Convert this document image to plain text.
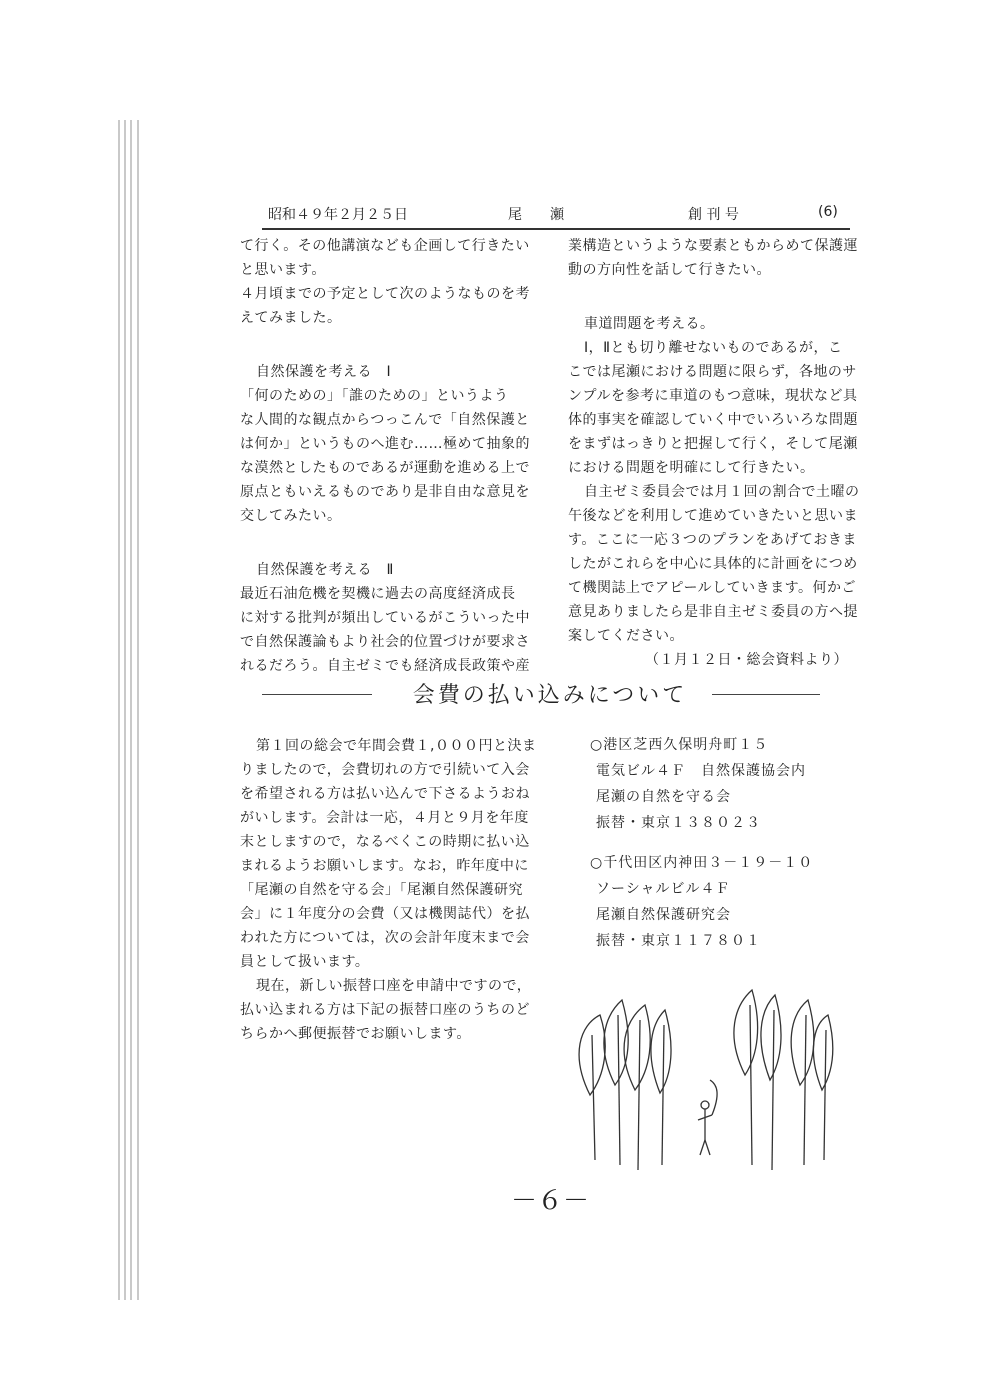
昭和４９年２月２５日	尾　　瀬	創 刊 号	(6)

て行く。その他講演なども企画して行きたい

と思います。

４月頃までの予定として次のようなものを考

えてみました。

自然保護を考える　Ⅰ

「何のための」「誰のための」というよう

な人間的な観点からつっこんで「自然保護と

は何か」というものへ進む……極めて抽象的

な漠然としたものであるが運動を進める上で

原点ともいえるものであり是非自由な意見を

交してみたい。

自然保護を考える　Ⅱ

最近石油危機を契機に過去の高度経済成長

に対する批判が頻出しているがこういった中

で自然保護論もより社会的位置づけが要求さ

れるだろう。自主ゼミでも経済成長政策や産

業構造というような要素ともからめて保護運

動の方向性を話して行きたい。

車道問題を考える。

Ⅰ，Ⅱとも切り離せないものであるが，こ

こでは尾瀬における問題に限らず，各地のサ

ンプルを参考に車道のもつ意味，現状など具

体的事実を確認していく中でいろいろな問題

をまずはっきりと把握して行く，そして尾瀬

における問題を明確にして行きたい。

自主ゼミ委員会では月１回の割合で土曜の

午後などを利用して進めていきたいと思いま

す。ここに一応３つのプランをあげておきま

したがこれらを中心に具体的に計画をにつめ

て機関誌上でアピールしていきます。何かご

意見ありましたら是非自主ゼミ委員の方へ提

案してください。

（１月１２日・総会資料より）

会費の払い込みについて

第１回の総会で年間会費１,０００円と決ま

りましたので，会費切れの方で引続いて入会

を希望される方は払い込んで下さるようおね

がいします。会計は一応，４月と９月を年度

末としますので，なるべくこの時期に払い込

まれるようお願いします。なお，昨年度中に

「尾瀬の自然を守る会」「尾瀬自然保護研究

会」に１年度分の会費（又は機関誌代）を払

われた方については，次の会計年度末まで会

員として扱います。

現在，新しい振替口座を申請中ですので，

払い込まれる方は下記の振替口座のうちのど

ちらかへ郵便振替でお願いします。

○港区芝西久保明舟町１５

電気ビル４Ｆ　自然保護協会内

尾瀬の自然を守る会

振替・東京１３８０２３

○千代田区内神田３－１９－１０

ソーシャルビル４Ｆ

尾瀬自然保護研究会

振替・東京１１７８０１

－６－
